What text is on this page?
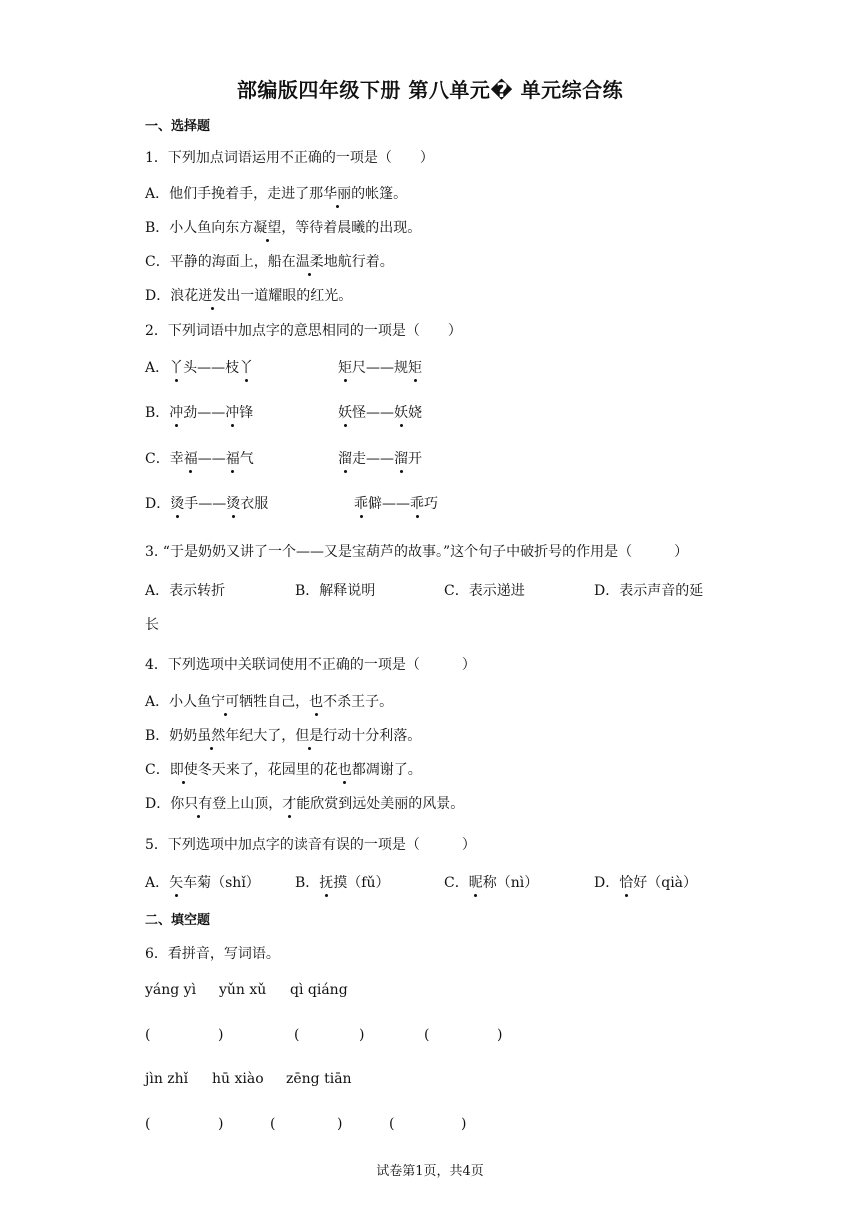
部编版四年级下册 第八单元� 单元综合练
一、选择题
1．下列加点词语运用不正确的一项是（　　）
A．他们手挽着手，走进了那华丽的帐篷。
B．小人鱼向东方凝望，等待着晨曦的出现。
C．平静的海面上，船在温柔地航行着。
D．浪花迸发出一道耀眼的红光。
2．下列词语中加点字的意思相同的一项是（　　）
A．丫头——枝丫	矩尺——规矩
B．冲劲——冲锋	妖怪——妖娆
C．幸福——福气	溜走——溜开
D．烫手——烫衣服	乖僻——乖巧
3. “于是奶奶又讲了一个——又是宝葫芦的故事。”这个句子中破折号的作用是（　　　）
A．表示转折	B．解释说明	C．表示递进	D．表示声音的延
长
4．下列选项中关联词使用不正确的一项是（　　　）
A．小人鱼宁可牺牲自己，也不杀王子。
B．奶奶虽然年纪大了，但是行动十分利落。
C．即使冬天来了，花园里的花也都凋谢了。
D．你只有登上山顶，才能欣赏到远处美丽的风景。
5．下列选项中加点字的读音有误的一项是（　　　）
A．矢车菊（shǐ）	B．抚摸（fǔ）	C．昵称（nì）	D．恰好（qià）
二、填空题
6．看拼音，写词语。
yáng yì yǔn xǔ qì qiáng
(	)	(	)	(	)
jìn zhǐ hū xiào zēng tiān
(	)	(	)	(	)
试卷第1页，共4页
